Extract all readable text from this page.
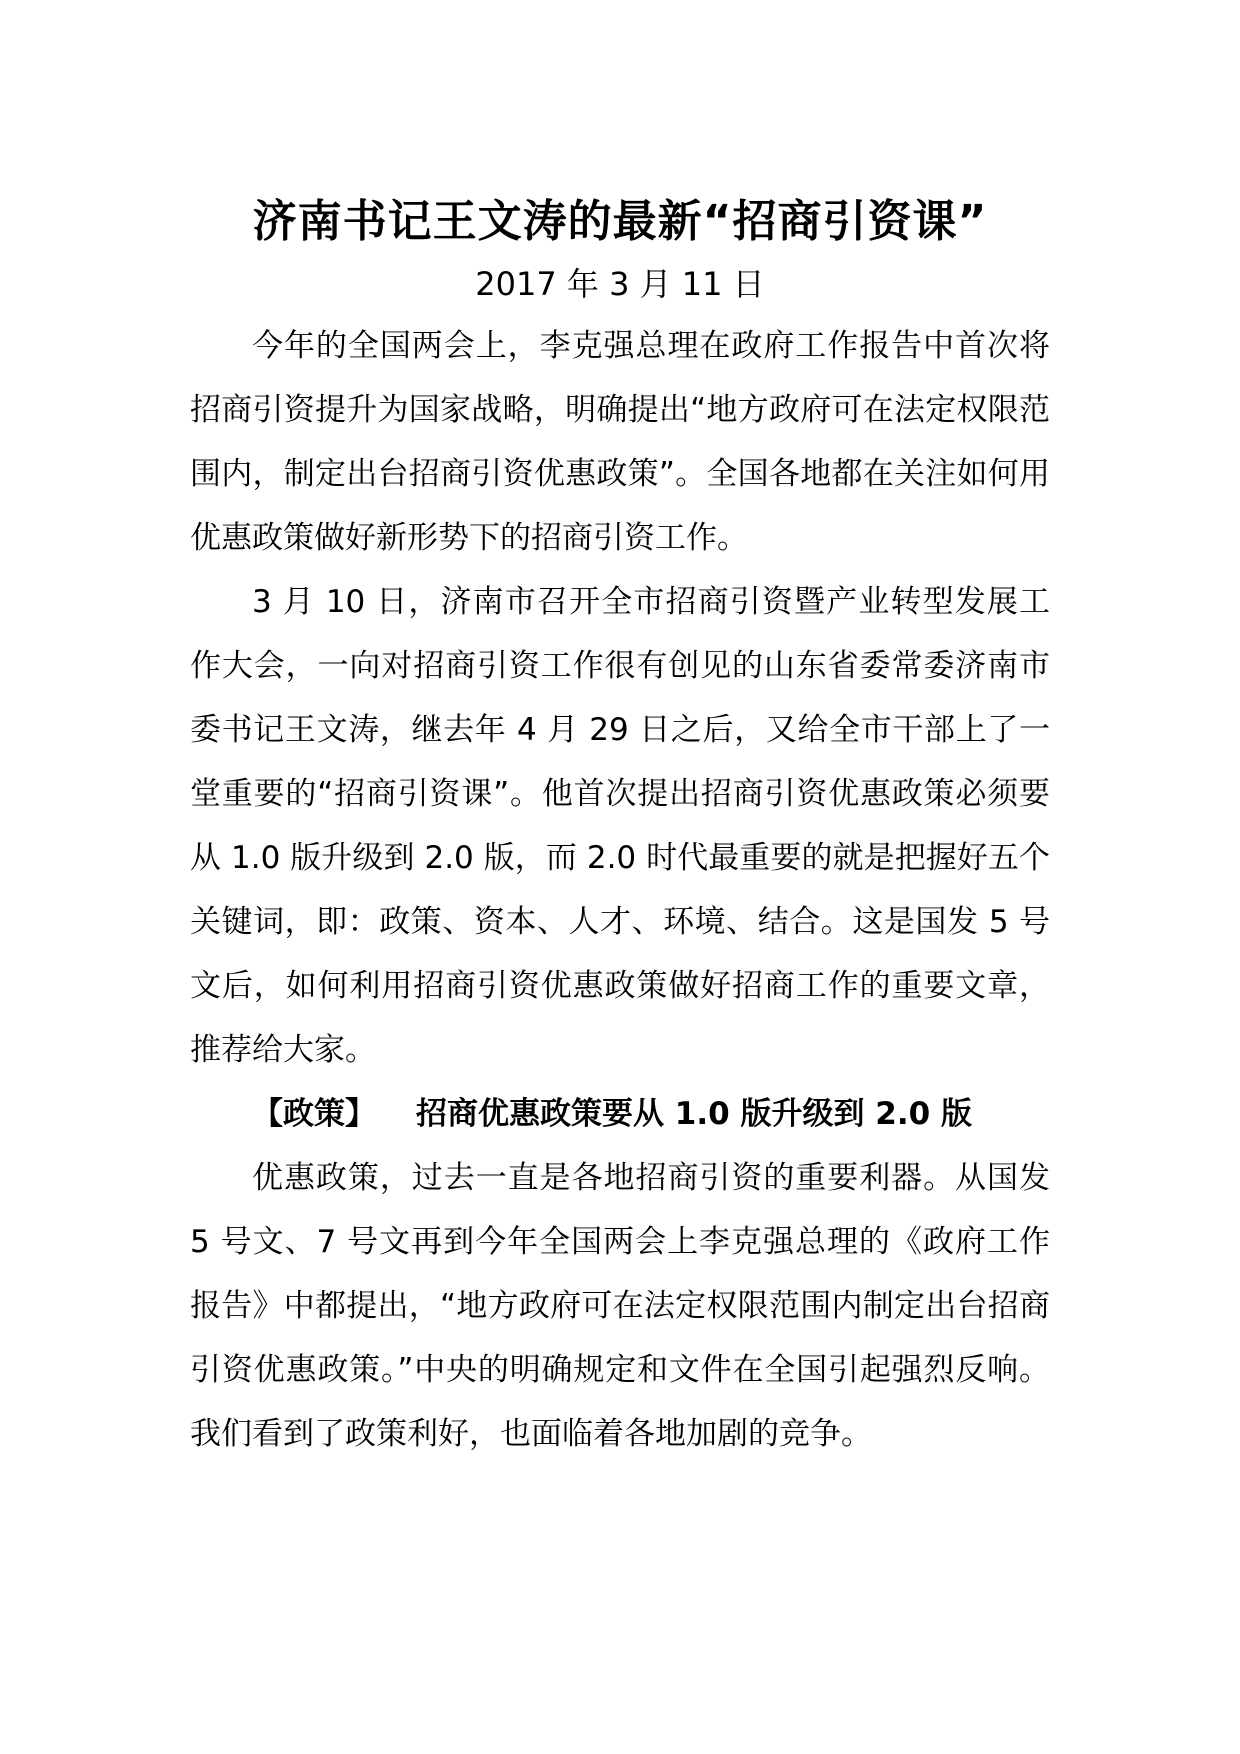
济南书记王文涛的最新“招商引资课”

2017 年 3 月 11 日

今年的全国两会上，李克强总理在政府工作报告中首次将招商引资提升为国家战略，明确提出“地方政府可在法定权限范围内，制定出台招商引资优惠政策”。全国各地都在关注如何用优惠政策做好新形势下的招商引资工作。

3 月 10 日，济南市召开全市招商引资暨产业转型发展工作大会，一向对招商引资工作很有创见的山东省委常委济南市委书记王文涛，继去年 4 月 29 日之后，又给全市干部上了一堂重要的“招商引资课”。他首次提出招商引资优惠政策必须要从 1.0 版升级到 2.0 版，而 2.0 时代最重要的就是把握好五个关键词，即：政策、资本、人才、环境、结合。这是国发 5 号文后，如何利用招商引资优惠政策做好招商工作的重要文章，推荐给大家。

【政策】 招商优惠政策要从 1.0 版升级到 2.0 版

优惠政策，过去一直是各地招商引资的重要利器。从国发 5 号文、7 号文再到今年全国两会上李克强总理的《政府工作报告》中都提出，“地方政府可在法定权限范围内制定出台招商引资优惠政策。”中央的明确规定和文件在全国引起强烈反响。我们看到了政策利好，也面临着各地加剧的竞争。
